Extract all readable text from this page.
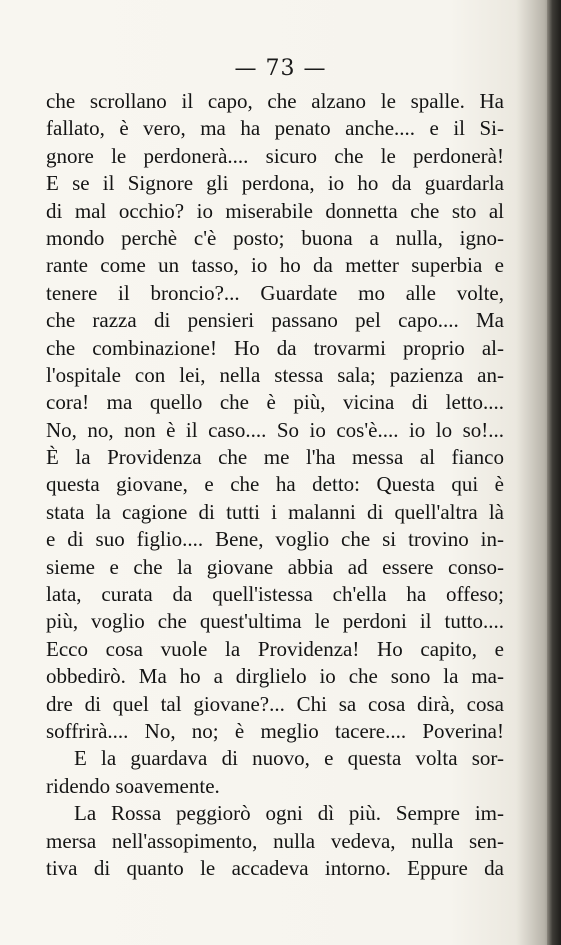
— 73 —
che scrollano il capo, che alzano le spalle. Ha
fallato, è vero, ma ha penato anche.... e il Si-
gnore le perdonerà.... sicuro che le perdonerà!
E se il Signore gli perdona, io ho da guardarla
di mal occhio? io miserabile donnetta che sto al
mondo perchè c'è posto; buona a nulla, igno-
rante come un tasso, io ho da metter superbia e
tenere il broncio?... Guardate mo alle volte,
che razza di pensieri passano pel capo.... Ma
che combinazione! Ho da trovarmi proprio al-
l'ospitale con lei, nella stessa sala; pazienza an-
cora! ma quello che è più, vicina di letto....
No, no, non è il caso.... So io cos'è.... io lo so!...
È la Providenza che me l'ha messa al fianco
questa giovane, e che ha detto: Questa qui è
stata la cagione di tutti i malanni di quell'altra là
e di suo figlio.... Bene, voglio che si trovino in-
sieme e che la giovane abbia ad essere conso-
lata, curata da quell'istessa ch'ella ha offeso;
più, voglio che quest'ultima le perdoni il tutto....
Ecco cosa vuole la Providenza! Ho capito, e
obbedirò. Ma ho a dirglielo io che sono la ma-
dre di quel tal giovane?... Chi sa cosa dirà, cosa
soffrirà.... No, no; è meglio tacere.... Poverina!
E la guardava di nuovo, e questa volta sor-
ridendo soavemente.
La Rossa peggiorò ogni dì più. Sempre im-
mersa nell'assopimento, nulla vedeva, nulla sen-
tiva di quanto le accadeva intorno. Eppure da
